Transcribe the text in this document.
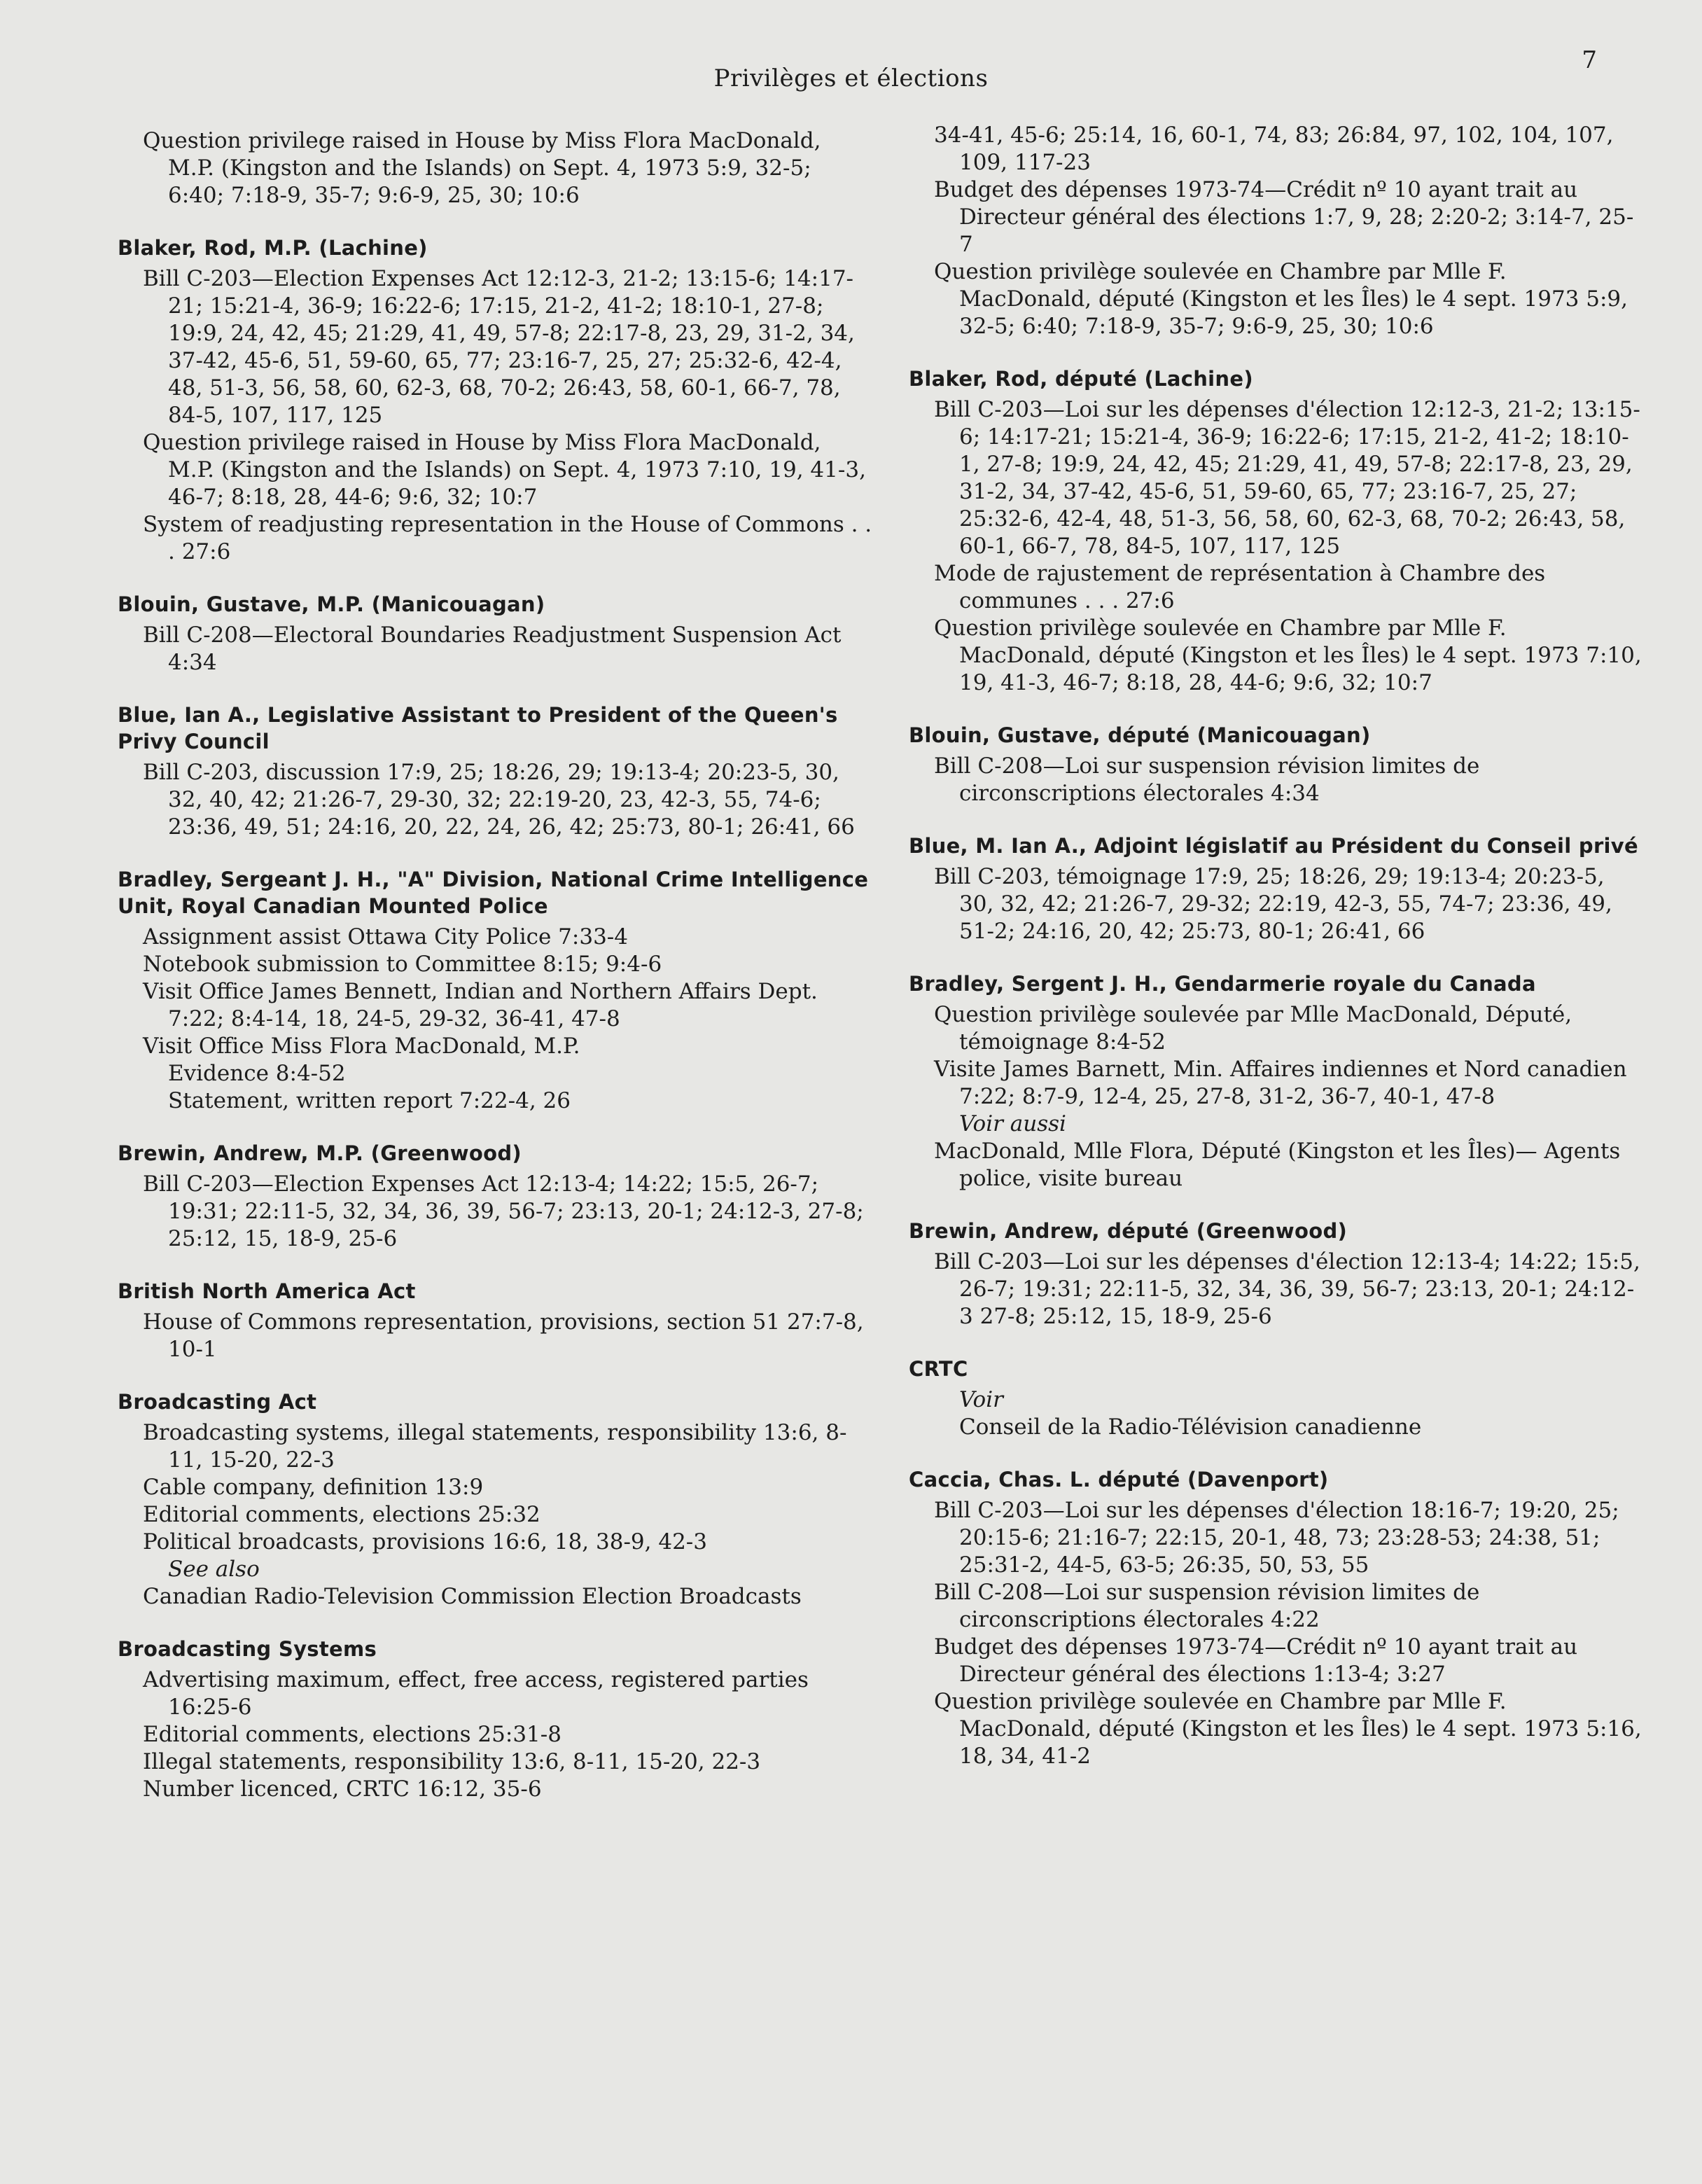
Privilèges et élections
7
Question privilege raised in House by Miss Flora MacDonald, M.P. (Kingston and the Islands) on Sept. 4, 1973 5:9, 32-5; 6:40; 7:18-9, 35-7; 9:6-9, 25, 30; 10:6
Blaker, Rod, M.P. (Lachine)
Bill C-203—Election Expenses Act 12:12-3, 21-2; 13:15-6; 14:17-21; 15:21-4, 36-9; 16:22-6; 17:15, 21-2, 41-2; 18:10-1, 27-8; 19:9, 24, 42, 45; 21:29, 41, 49, 57-8; 22:17-8, 23, 29, 31-2, 34, 37-42, 45-6, 51, 59-60, 65, 77; 23:16-7, 25, 27; 25:32-6, 42-4, 48, 51-3, 56, 58, 60, 62-3, 68, 70-2; 26:43, 58, 60-1, 66-7, 78, 84-5, 107, 117, 125
Question privilege raised in House by Miss Flora MacDonald, M.P. (Kingston and the Islands) on Sept. 4, 1973 7:10, 19, 41-3, 46-7; 8:18, 28, 44-6; 9:6, 32; 10:7
System of readjusting representation in the House of Commons . . . 27:6
Blouin, Gustave, M.P. (Manicouagan)
Bill C-208—Electoral Boundaries Readjustment Suspension Act 4:34
Blue, Ian A., Legislative Assistant to President of the Queen's Privy Council
Bill C-203, discussion 17:9, 25; 18:26, 29; 19:13-4; 20:23-5, 30, 32, 40, 42; 21:26-7, 29-30, 32; 22:19-20, 23, 42-3, 55, 74-6; 23:36, 49, 51; 24:16, 20, 22, 24, 26, 42; 25:73, 80-1; 26:41, 66
Bradley, Sergeant J. H., "A" Division, National Crime Intelligence Unit, Royal Canadian Mounted Police
Assignment assist Ottawa City Police 7:33-4
Notebook submission to Committee 8:15; 9:4-6
Visit Office James Bennett, Indian and Northern Affairs Dept. 7:22; 8:4-14, 18, 24-5, 29-32, 36-41, 47-8
Visit Office Miss Flora MacDonald, M.P.
Evidence 8:4-52
Statement, written report 7:22-4, 26
Brewin, Andrew, M.P. (Greenwood)
Bill C-203—Election Expenses Act 12:13-4; 14:22; 15:5, 26-7; 19:31; 22:11-5, 32, 34, 36, 39, 56-7; 23:13, 20-1; 24:12-3, 27-8; 25:12, 15, 18-9, 25-6
British North America Act
House of Commons representation, provisions, section 51 27:7-8, 10-1
Broadcasting Act
Broadcasting systems, illegal statements, responsibility 13:6, 8-11, 15-20, 22-3
Cable company, definition 13:9
Editorial comments, elections 25:32
Political broadcasts, provisions 16:6, 18, 38-9, 42-3
See also
Canadian Radio-Television Commission Election Broadcasts
Broadcasting Systems
Advertising maximum, effect, free access, registered parties 16:25-6
Editorial comments, elections 25:31-8
Illegal statements, responsibility 13:6, 8-11, 15-20, 22-3
Number licenced, CRTC 16:12, 35-6
34-41, 45-6; 25:14, 16, 60-1, 74, 83; 26:84, 97, 102, 104, 107, 109, 117-23
Budget des dépenses 1973-74—Crédit nº 10 ayant trait au Directeur général des élections 1:7, 9, 28; 2:20-2; 3:14-7, 25-7
Question privilège soulevée en Chambre par Mlle F. MacDonald, député (Kingston et les Îles) le 4 sept. 1973 5:9, 32-5; 6:40; 7:18-9, 35-7; 9:6-9, 25, 30; 10:6
Blaker, Rod, député (Lachine)
Bill C-203—Loi sur les dépenses d'élection 12:12-3, 21-2; 13:15-6; 14:17-21; 15:21-4, 36-9; 16:22-6; 17:15, 21-2, 41-2; 18:10-1, 27-8; 19:9, 24, 42, 45; 21:29, 41, 49, 57-8; 22:17-8, 23, 29, 31-2, 34, 37-42, 45-6, 51, 59-60, 65, 77; 23:16-7, 25, 27; 25:32-6, 42-4, 48, 51-3, 56, 58, 60, 62-3, 68, 70-2; 26:43, 58, 60-1, 66-7, 78, 84-5, 107, 117, 125
Mode de rajustement de représentation à Chambre des communes . . . 27:6
Question privilège soulevée en Chambre par Mlle F. MacDonald, député (Kingston et les Îles) le 4 sept. 1973 7:10, 19, 41-3, 46-7; 8:18, 28, 44-6; 9:6, 32; 10:7
Blouin, Gustave, député (Manicouagan)
Bill C-208—Loi sur suspension révision limites de circonscriptions électorales 4:34
Blue, M. Ian A., Adjoint législatif au Président du Conseil privé
Bill C-203, témoignage 17:9, 25; 18:26, 29; 19:13-4; 20:23-5, 30, 32, 42; 21:26-7, 29-32; 22:19, 42-3, 55, 74-7; 23:36, 49, 51-2; 24:16, 20, 42; 25:73, 80-1; 26:41, 66
Bradley, Sergent J. H., Gendarmerie royale du Canada
Question privilège soulevée par Mlle MacDonald, Député, témoignage 8:4-52
Visite James Barnett, Min. Affaires indiennes et Nord canadien 7:22; 8:7-9, 12-4, 25, 27-8, 31-2, 36-7, 40-1, 47-8
Voir aussi
MacDonald, Mlle Flora, Député (Kingston et les Îles)— Agents police, visite bureau
Brewin, Andrew, député (Greenwood)
Bill C-203—Loi sur les dépenses d'élection 12:13-4; 14:22; 15:5, 26-7; 19:31; 22:11-5, 32, 34, 36, 39, 56-7; 23:13, 20-1; 24:12-3 27-8; 25:12, 15, 18-9, 25-6
CRTC
Voir
Conseil de la Radio-Télévision canadienne
Caccia, Chas. L. député (Davenport)
Bill C-203—Loi sur les dépenses d'élection 18:16-7; 19:20, 25; 20:15-6; 21:16-7; 22:15, 20-1, 48, 73; 23:28-53; 24:38, 51; 25:31-2, 44-5, 63-5; 26:35, 50, 53, 55
Bill C-208—Loi sur suspension révision limites de circonscriptions électorales 4:22
Budget des dépenses 1973-74—Crédit nº 10 ayant trait au Directeur général des élections 1:13-4; 3:27
Question privilège soulevée en Chambre par Mlle F. MacDonald, député (Kingston et les Îles) le 4 sept. 1973 5:16, 18, 34, 41-2
